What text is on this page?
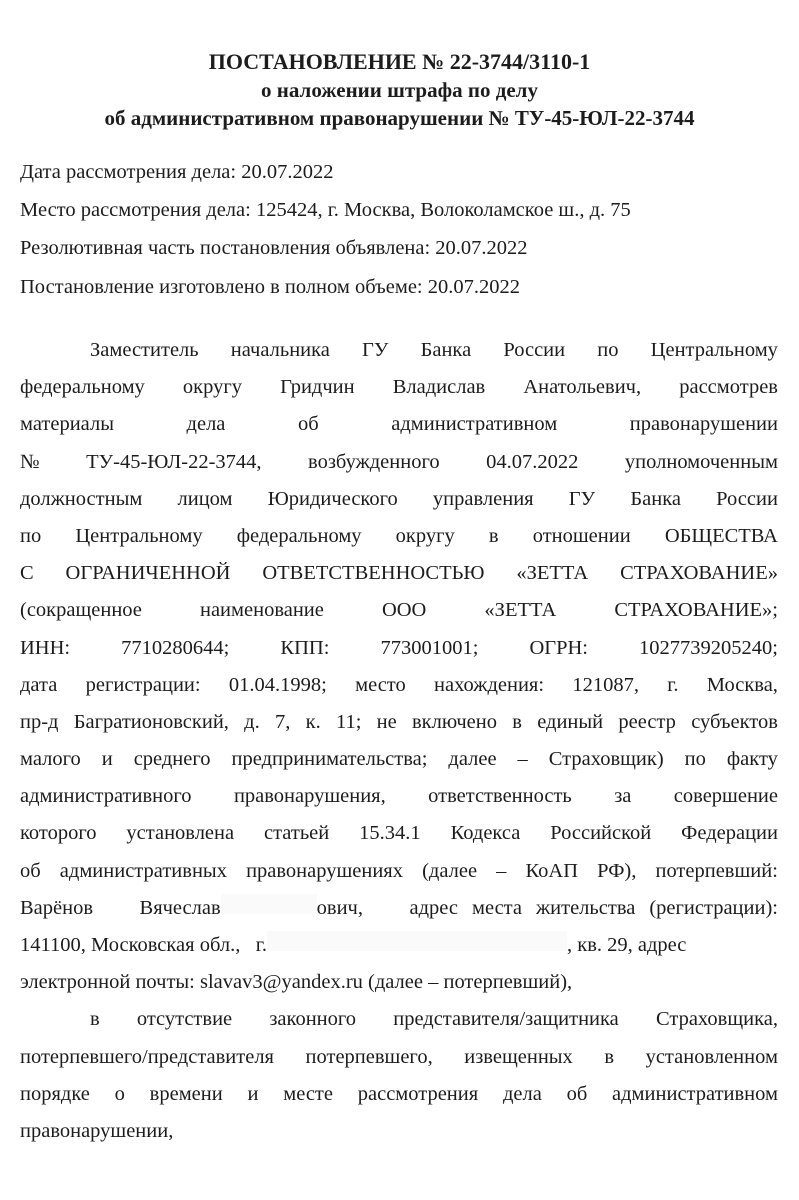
ПОСТАНОВЛЕНИЕ № 22-3744/3110-1
о наложении штрафа по делу
об административном правонарушении № ТУ-45-ЮЛ-22-3744
Дата рассмотрения дела: 20.07.2022
Место рассмотрения дела: 125424, г. Москва, Волоколамское ш., д. 75
Резолютивная часть постановления объявлена: 20.07.2022
Постановление изготовлено в полном объеме: 20.07.2022
Заместитель начальника ГУ Банка России по Центральному
федеральному округу Гридчин Владислав Анатольевич, рассмотрев
материалы	дела	об	административном	правонарушении
№ ТУ-45-ЮЛ-22-3744, возбужденного 04.07.2022 уполномоченным
должностным лицом Юридического управления ГУ Банка России
по Центральному федеральному округу в отношении ОБЩЕСТВА
С ОГРАНИЧЕННОЙ ОТВЕТСТВЕННОСТЬЮ «ЗЕТТА СТРАХОВАНИЕ»
(сокращенное	наименование	ООО	«ЗЕТТА	СТРАХОВАНИЕ»;
ИНН: 7710280644; КПП: 773001001; ОГРН: 1027739205240;
дата регистрации: 01.04.1998; место нахождения: 121087, г. Москва,
пр-д Багратионовский, д. 7, к. 11; не включено в единый реестр субъектов
малого и среднего предпринимательства; далее – Страховщик) по факту
административного правонарушения, ответственность за совершение
которого установлена статьей 15.34.1 Кодекса Российской Федерации
об административных правонарушениях (далее – КоАП РФ), потерпевший:
Варёнов Вячеслав	ович, адрес места жительства (регистрации):
141100,
Московская
обл.,
г.	, кв. 29, адрес
электронной почты: slavav3@yandex.ru (далее – потерпевший),
в отсутствие законного представителя/защитника Страховщика,
потерпевшего/представителя потерпевшего, извещенных в установленном
порядке о времени и месте рассмотрения дела об административном
правонарушении,
